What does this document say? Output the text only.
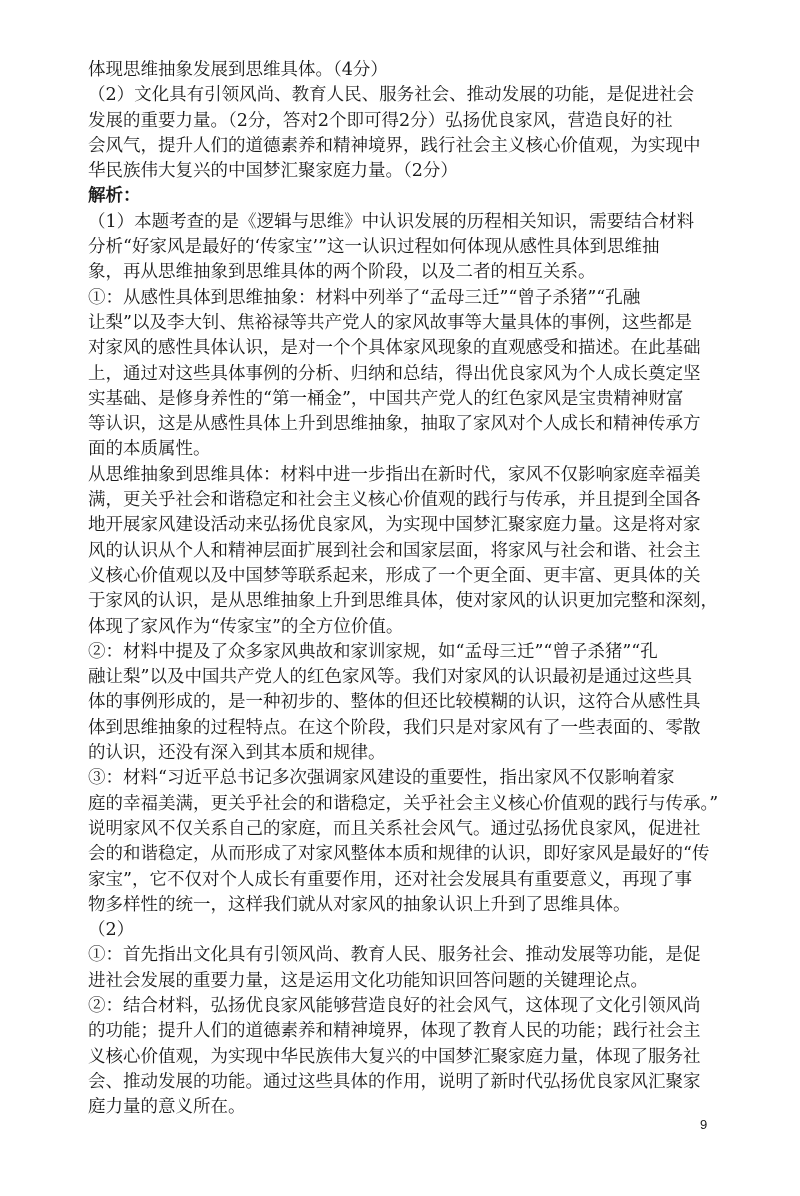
体现思维抽象发展到思维具体。（4分）
（2）文化具有引领风尚、教育人民、服务社会、推动发展的功能，是促进社会
发展的重要力量。（2分，答对2个即可得2分）弘扬优良家风，营造良好的社
会风气，提升人们的道德素养和精神境界，践行社会主义核心价值观，为实现中
华民族伟大复兴的中国梦汇聚家庭力量。（2分）
解析：
（1）本题考查的是《逻辑与思维》中认识发展的历程相关知识，需要结合材料
分析“好家风是最好的‘传家宝’”这一认识过程如何体现从感性具体到思维抽
象，再从思维抽象到思维具体的两个阶段，以及二者的相互关系。
①：从感性具体到思维抽象：材料中列举了“孟母三迁”“曾子杀猪”“孔融
让梨”以及李大钊、焦裕禄等共产党人的家风故事等大量具体的事例，这些都是
对家风的感性具体认识，是对一个个具体家风现象的直观感受和描述。在此基础
上，通过对这些具体事例的分析、归纳和总结，得出优良家风为个人成长奠定坚
实基础、是修身养性的“第一桶金”，中国共产党人的红色家风是宝贵精神财富
等认识，这是从感性具体上升到思维抽象，抽取了家风对个人成长和精神传承方
面的本质属性。
从思维抽象到思维具体：材料中进一步指出在新时代，家风不仅影响家庭幸福美
满，更关乎社会和谐稳定和社会主义核心价值观的践行与传承，并且提到全国各
地开展家风建设活动来弘扬优良家风，为实现中国梦汇聚家庭力量。这是将对家
风的认识从个人和精神层面扩展到社会和国家层面，将家风与社会和谐、社会主
义核心价值观以及中国梦等联系起来，形成了一个更全面、更丰富、更具体的关
于家风的认识，是从思维抽象上升到思维具体，使对家风的认识更加完整和深刻，
体现了家风作为“传家宝”的全方位价值。
②：材料中提及了众多家风典故和家训家规，如“孟母三迁”“曾子杀猪”“孔
融让梨”以及中国共产党人的红色家风等。我们对家风的认识最初是通过这些具
体的事例形成的，是一种初步的、整体的但还比较模糊的认识，这符合从感性具
体到思维抽象的过程特点。在这个阶段，我们只是对家风有了一些表面的、零散
的认识，还没有深入到其本质和规律。
③：材料“习近平总书记多次强调家风建设的重要性，指出家风不仅影响着家
庭的幸福美满，更关乎社会的和谐稳定，关乎社会主义核心价值观的践行与传承。”
说明家风不仅关系自己的家庭，而且关系社会风气。通过弘扬优良家风，促进社
会的和谐稳定，从而形成了对家风整体本质和规律的认识，即好家风是最好的“传
家宝”，它不仅对个人成长有重要作用，还对社会发展具有重要意义，再现了事
物多样性的统一，这样我们就从对家风的抽象认识上升到了思维具体。
（2）
①：首先指出文化具有引领风尚、教育人民、服务社会、推动发展等功能，是促
进社会发展的重要力量，这是运用文化功能知识回答问题的关键理论点。
②：结合材料，弘扬优良家风能够营造良好的社会风气，这体现了文化引领风尚
的功能；提升人们的道德素养和精神境界，体现了教育人民的功能；践行社会主
义核心价值观，为实现中华民族伟大复兴的中国梦汇聚家庭力量，体现了服务社
会、推动发展的功能。通过这些具体的作用，说明了新时代弘扬优良家风汇聚家
庭力量的意义所在。
9
